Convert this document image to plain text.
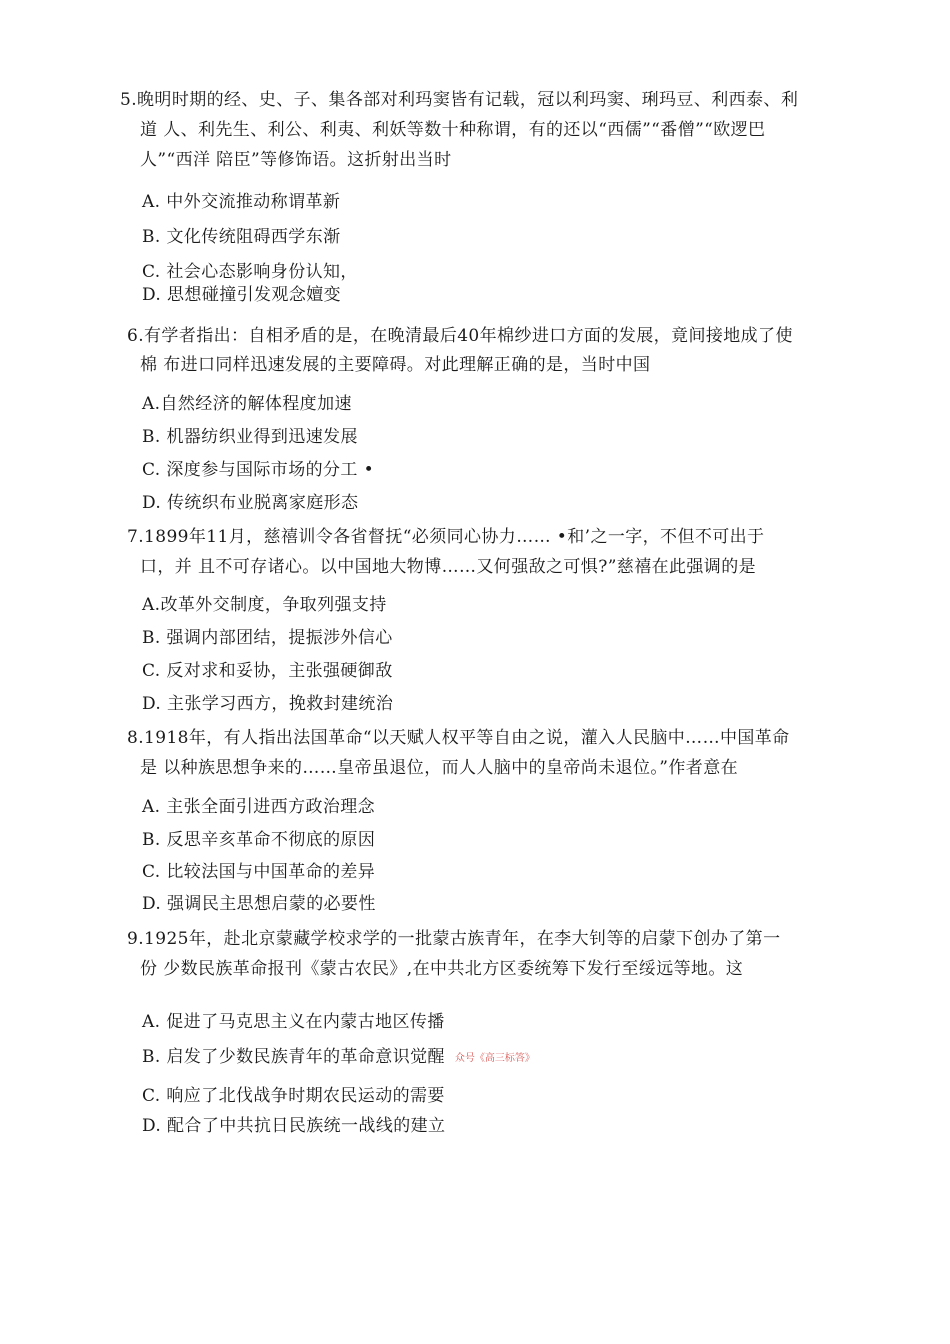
5.晚明时期的经、史、子、集各部对利玛窦皆有记载，冠以利玛窦、琍玛豆、利西泰、利
道 人、利先生、利公、利夷、利妖等数十种称谓，有的还以“西儒”“番僧”“欧逻巴
人”“西洋 陪臣”等修饰语。这折射出当时
A. 中外交流推动称谓革新
B. 文化传统阻碍西学东渐
C. 社会心态影响身份认知，
D. 思想碰撞引发观念嬗变
6.有学者指出：自相矛盾的是，在晚清最后40年棉纱进口方面的发展，竟间接地成了使
棉 布进口同样迅速发展的主要障碍。对此理解正确的是，当时中国
A.自然经济的解体程度加速
B. 机器纺织业得到迅速发展
C. 深度参与国际市场的分工 •
D. 传统织布业脱离家庭形态
7.1899年11月，慈禧训令各省督抚“必须同心协力…… •和’之一字，不但不可出于
口，并 且不可存诸心。以中国地大物博……又何强敌之可惧?”慈禧在此强调的是
A.改革外交制度，争取列强支持
B. 强调内部团结，提振涉外信心
C. 反对求和妥协，主张强硬御敌
D. 主张学习西方，挽救封建统治
8.1918年，有人指出法国革命“以天赋人权平等自由之说，灌入人民脑中……中国革命
是 以种族思想争来的……皇帝虽退位，而人人脑中的皇帝尚未退位。”作者意在
A. 主张全面引进西方政治理念
B. 反思辛亥革命不彻底的原因
C. 比较法国与中国革命的差异
D. 强调民主思想启蒙的必要性
9.1925年，赴北京蒙藏学校求学的一批蒙古族青年，在李大钊等的启蒙下创办了第一
份 少数民族革命报刊《蒙古农民》,在中共北方区委统筹下发行至绥远等地。这
A. 促进了马克思主义在内蒙古地区传播
B. 启发了少数民族青年的革命意识觉醒 众号《高三标答》
C. 响应了北伐战争时期农民运动的需要
D. 配合了中共抗日民族统一战线的建立
